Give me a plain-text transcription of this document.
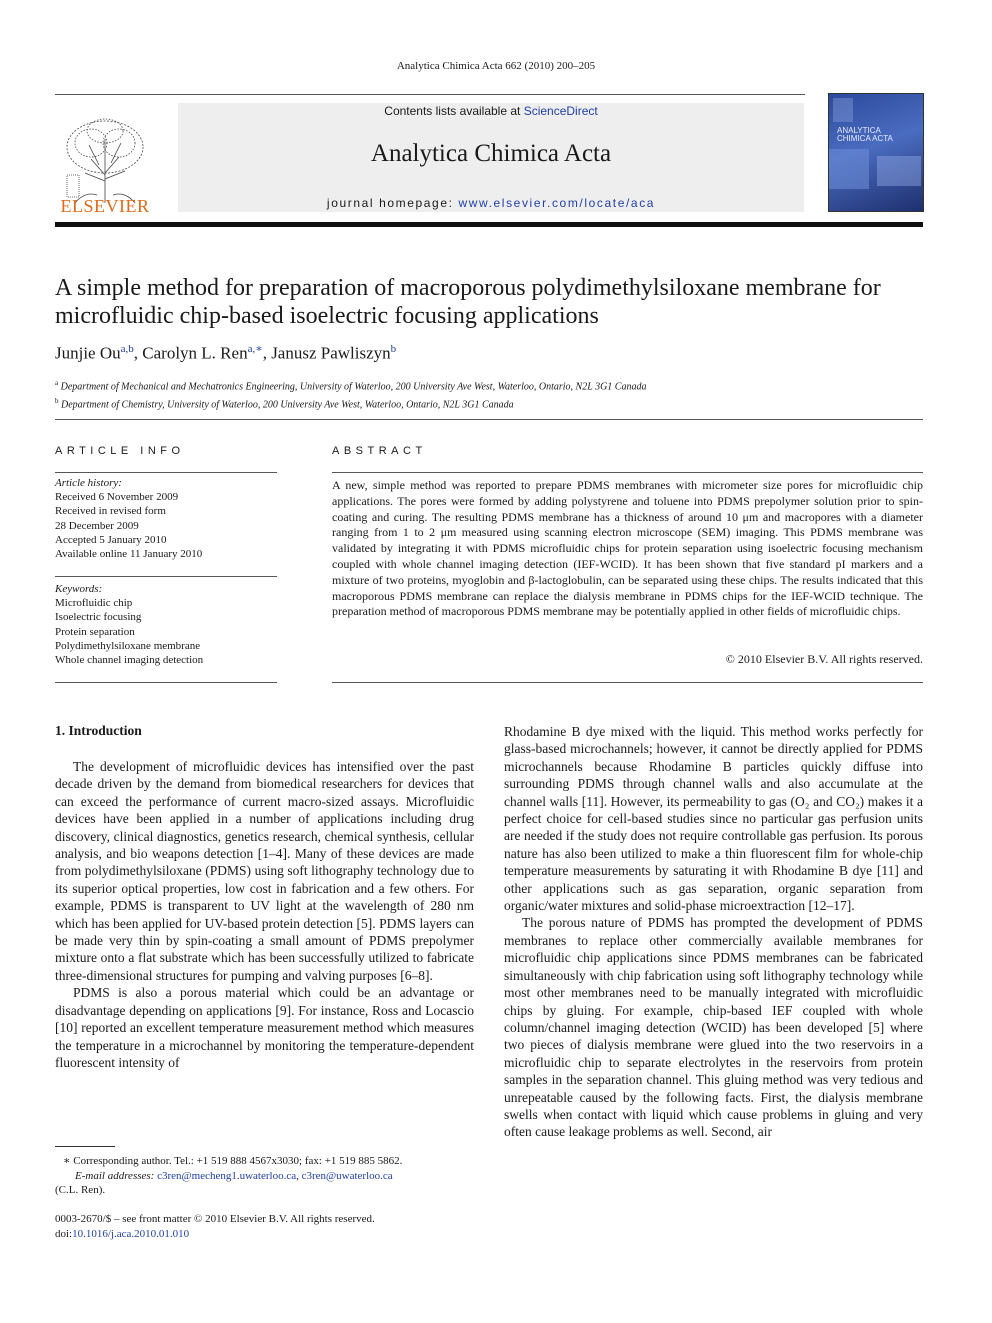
Analytica Chimica Acta 662 (2010) 200–205
ELSEVIER
Contents lists available at ScienceDirect
Analytica Chimica Acta
journal homepage: www.elsevier.com/locate/aca
ANALYTICA
CHIMICA ACTA
A simple method for preparation of macroporous polydimethylsiloxane membrane for microfluidic chip-based isoelectric focusing applications
Junjie Ou$^{a,b}$, Carolyn L. Ren$^{a,∗}$, Janusz Pawliszyn$^b$
$^a$ Department of Mechanical and Mechatronics Engineering, University of Waterloo, 200 University Ave West, Waterloo, Ontario, N2L 3G1 Canada
$^b$ Department of Chemistry, University of Waterloo, 200 University Ave West, Waterloo, Ontario, N2L 3G1 Canada
ARTICLE INFO
Article history:
Received 6 November 2009
Received in revised form
28 December 2009
Accepted 5 January 2010
Available online 11 January 2010
Keywords:
Microfluidic chip
Isoelectric focusing
Protein separation
Polydimethylsiloxane membrane
Whole channel imaging detection
ABSTRACT
A new, simple method was reported to prepare PDMS membranes with micrometer size pores for microfluidic chip applications. The pores were formed by adding polystyrene and toluene into PDMS prepolymer solution prior to spin-coating and curing. The resulting PDMS membrane has a thickness of around 10 μm and macropores with a diameter ranging from 1 to 2 μm measured using scanning electron microscope (SEM) imaging. This PDMS membrane was validated by integrating it with PDMS microfluidic chips for protein separation using isoelectric focusing mechanism coupled with whole channel imaging detection (IEF-WCID). It has been shown that five standard pI markers and a mixture of two proteins, myoglobin and β-lactoglobulin, can be separated using these chips. The results indicated that this macroporous PDMS membrane can replace the dialysis membrane in PDMS chips for the IEF-WCID technique. The preparation method of macroporous PDMS membrane may be potentially applied in other fields of microfluidic chips.
© 2010 Elsevier B.V. All rights reserved.
1. Introduction

The development of microfluidic devices has intensified over the past decade driven by the demand from biomedical researchers for devices that can exceed the performance of current macro-sized assays. Microfluidic devices have been applied in a number of applications including drug discovery, clinical diagnostics, genetics research, chemical synthesis, cellular analysis, and bio weapons detection [1–4]. Many of these devices are made from polydimethylsiloxane (PDMS) using soft lithography technology due to its superior optical properties, low cost in fabrication and a few others. For example, PDMS is transparent to UV light at the wavelength of 280 nm which has been applied for UV-based protein detection [5]. PDMS layers can be made very thin by spin-coating a small amount of PDMS prepolymer mixture onto a flat substrate which has been successfully utilized to fabricate three-dimensional structures for pumping and valving purposes [6–8].

PDMS is also a porous material which could be an advantage or disadvantage depending on applications [9]. For instance, Ross and Locascio [10] reported an excellent temperature measurement method which measures the temperature in a microchannel by monitoring the temperature-dependent fluorescent intensity of

Rhodamine B dye mixed with the liquid. This method works perfectly for glass-based microchannels; however, it cannot be directly applied for PDMS microchannels because Rhodamine B particles quickly diffuse into surrounding PDMS through channel walls and also accumulate at the channel walls [11]. However, its permeability to gas (O₂ and CO₂) makes it a perfect choice for cell-based studies since no particular gas perfusion units are needed if the study does not require controllable gas perfusion. Its porous nature has also been utilized to make a thin fluorescent film for whole-chip temperature measurements by saturating it with Rhodamine B dye [11] and other applications such as gas separation, organic separation from organic/water mixtures and solid-phase microextraction [12–17].

The porous nature of PDMS has prompted the development of PDMS membranes to replace other commercially available membranes for microfluidic chip applications since PDMS membranes can be fabricated simultaneously with chip fabrication using soft lithography technology while most other membranes need to be manually integrated with microfluidic chips by gluing. For example, chip-based IEF coupled with whole column/channel imaging detection (WCID) has been developed [5] where two pieces of dialysis membrane were glued into the two reservoirs in a microfluidic chip to separate electrolytes in the reservoirs from protein samples in the separation channel. This gluing method was very tedious and unrepeatable caused by the following facts. First, the dialysis membrane swells when contact with liquid which cause problems in gluing and very often cause leakage problems as well. Second, air

∗ Corresponding author. Tel.: +1 519 888 4567x3030; fax: +1 519 885 5862.
E-mail addresses: c3ren@mecheng1.uwaterloo.ca, c3ren@uwaterloo.ca
(C.L. Ren).
0003-2670/$ – see front matter © 2010 Elsevier B.V. All rights reserved.
doi:10.1016/j.aca.2010.01.010
